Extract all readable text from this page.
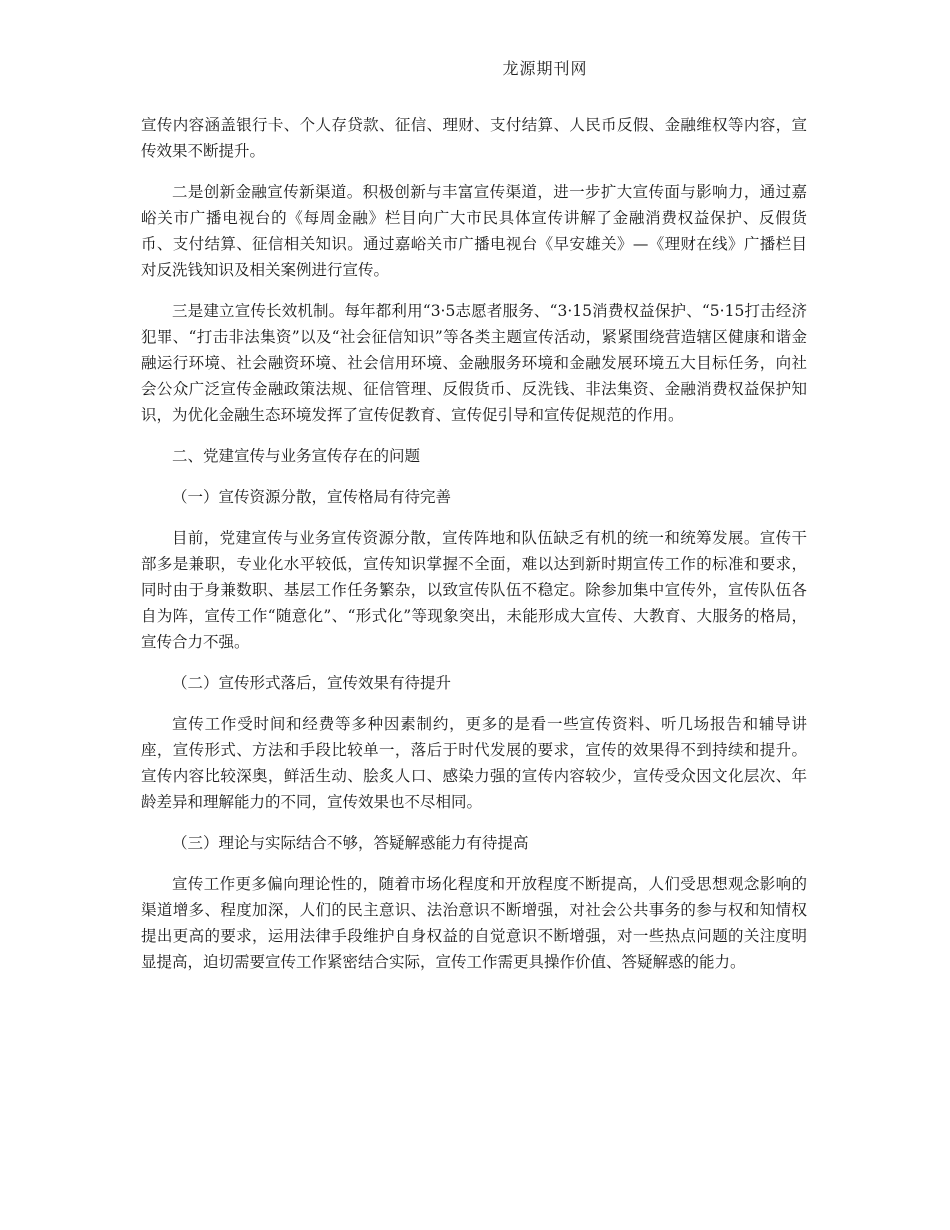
龙源期刊网

宣传内容涵盖银行卡、个人存贷款、征信、理财、支付结算、人民币反假、金融维权等内容，宣传效果不断提升。

二是创新金融宣传新渠道。积极创新与丰富宣传渠道，进一步扩大宣传面与影响力，通过嘉峪关市广播电视台的《每周金融》栏目向广大市民具体宣传讲解了金融消费权益保护、反假货币、支付结算、征信相关知识。通过嘉峪关市广播电视台《早安雄关》—《理财在线》广播栏目对反洗钱知识及相关案例进行宣传。

三是建立宣传长效机制。每年都利用“3·5志愿者服务、“3·15消费权益保护、“5·15打击经济犯罪、“打击非法集资”以及“社会征信知识”等各类主题宣传活动，紧紧围绕营造辖区健康和谐金融运行环境、社会融资环境、社会信用环境、金融服务环境和金融发展环境五大目标任务，向社会公众广泛宣传金融政策法规、征信管理、反假货币、反洗钱、非法集资、金融消费权益保护知识，为优化金融生态环境发挥了宣传促教育、宣传促引导和宣传促规范的作用。

二、党建宣传与业务宣传存在的问题

（一）宣传资源分散，宣传格局有待完善

目前，党建宣传与业务宣传资源分散，宣传阵地和队伍缺乏有机的统一和统筹发展。宣传干部多是兼职，专业化水平较低，宣传知识掌握不全面，难以达到新时期宣传工作的标准和要求，同时由于身兼数职、基层工作任务繁杂，以致宣传队伍不稳定。除参加集中宣传外，宣传队伍各自为阵，宣传工作“随意化”、“形式化”等现象突出，未能形成大宣传、大教育、大服务的格局，宣传合力不强。

（二）宣传形式落后，宣传效果有待提升

宣传工作受时间和经费等多种因素制约，更多的是看一些宣传资料、听几场报告和辅导讲座，宣传形式、方法和手段比较单一，落后于时代发展的要求，宣传的效果得不到持续和提升。宣传内容比较深奥，鲜活生动、脍炙人口、感染力强的宣传内容较少，宣传受众因文化层次、年龄差异和理解能力的不同，宣传效果也不尽相同。

（三）理论与实际结合不够，答疑解惑能力有待提高

宣传工作更多偏向理论性的，随着市场化程度和开放程度不断提高，人们受思想观念影响的渠道增多、程度加深，人们的民主意识、法治意识不断增强，对社会公共事务的参与权和知情权提出更高的要求，运用法律手段维护自身权益的自觉意识不断增强，对一些热点问题的关注度明显提高，迫切需要宣传工作紧密结合实际，宣传工作需更具操作价值、答疑解惑的能力。
